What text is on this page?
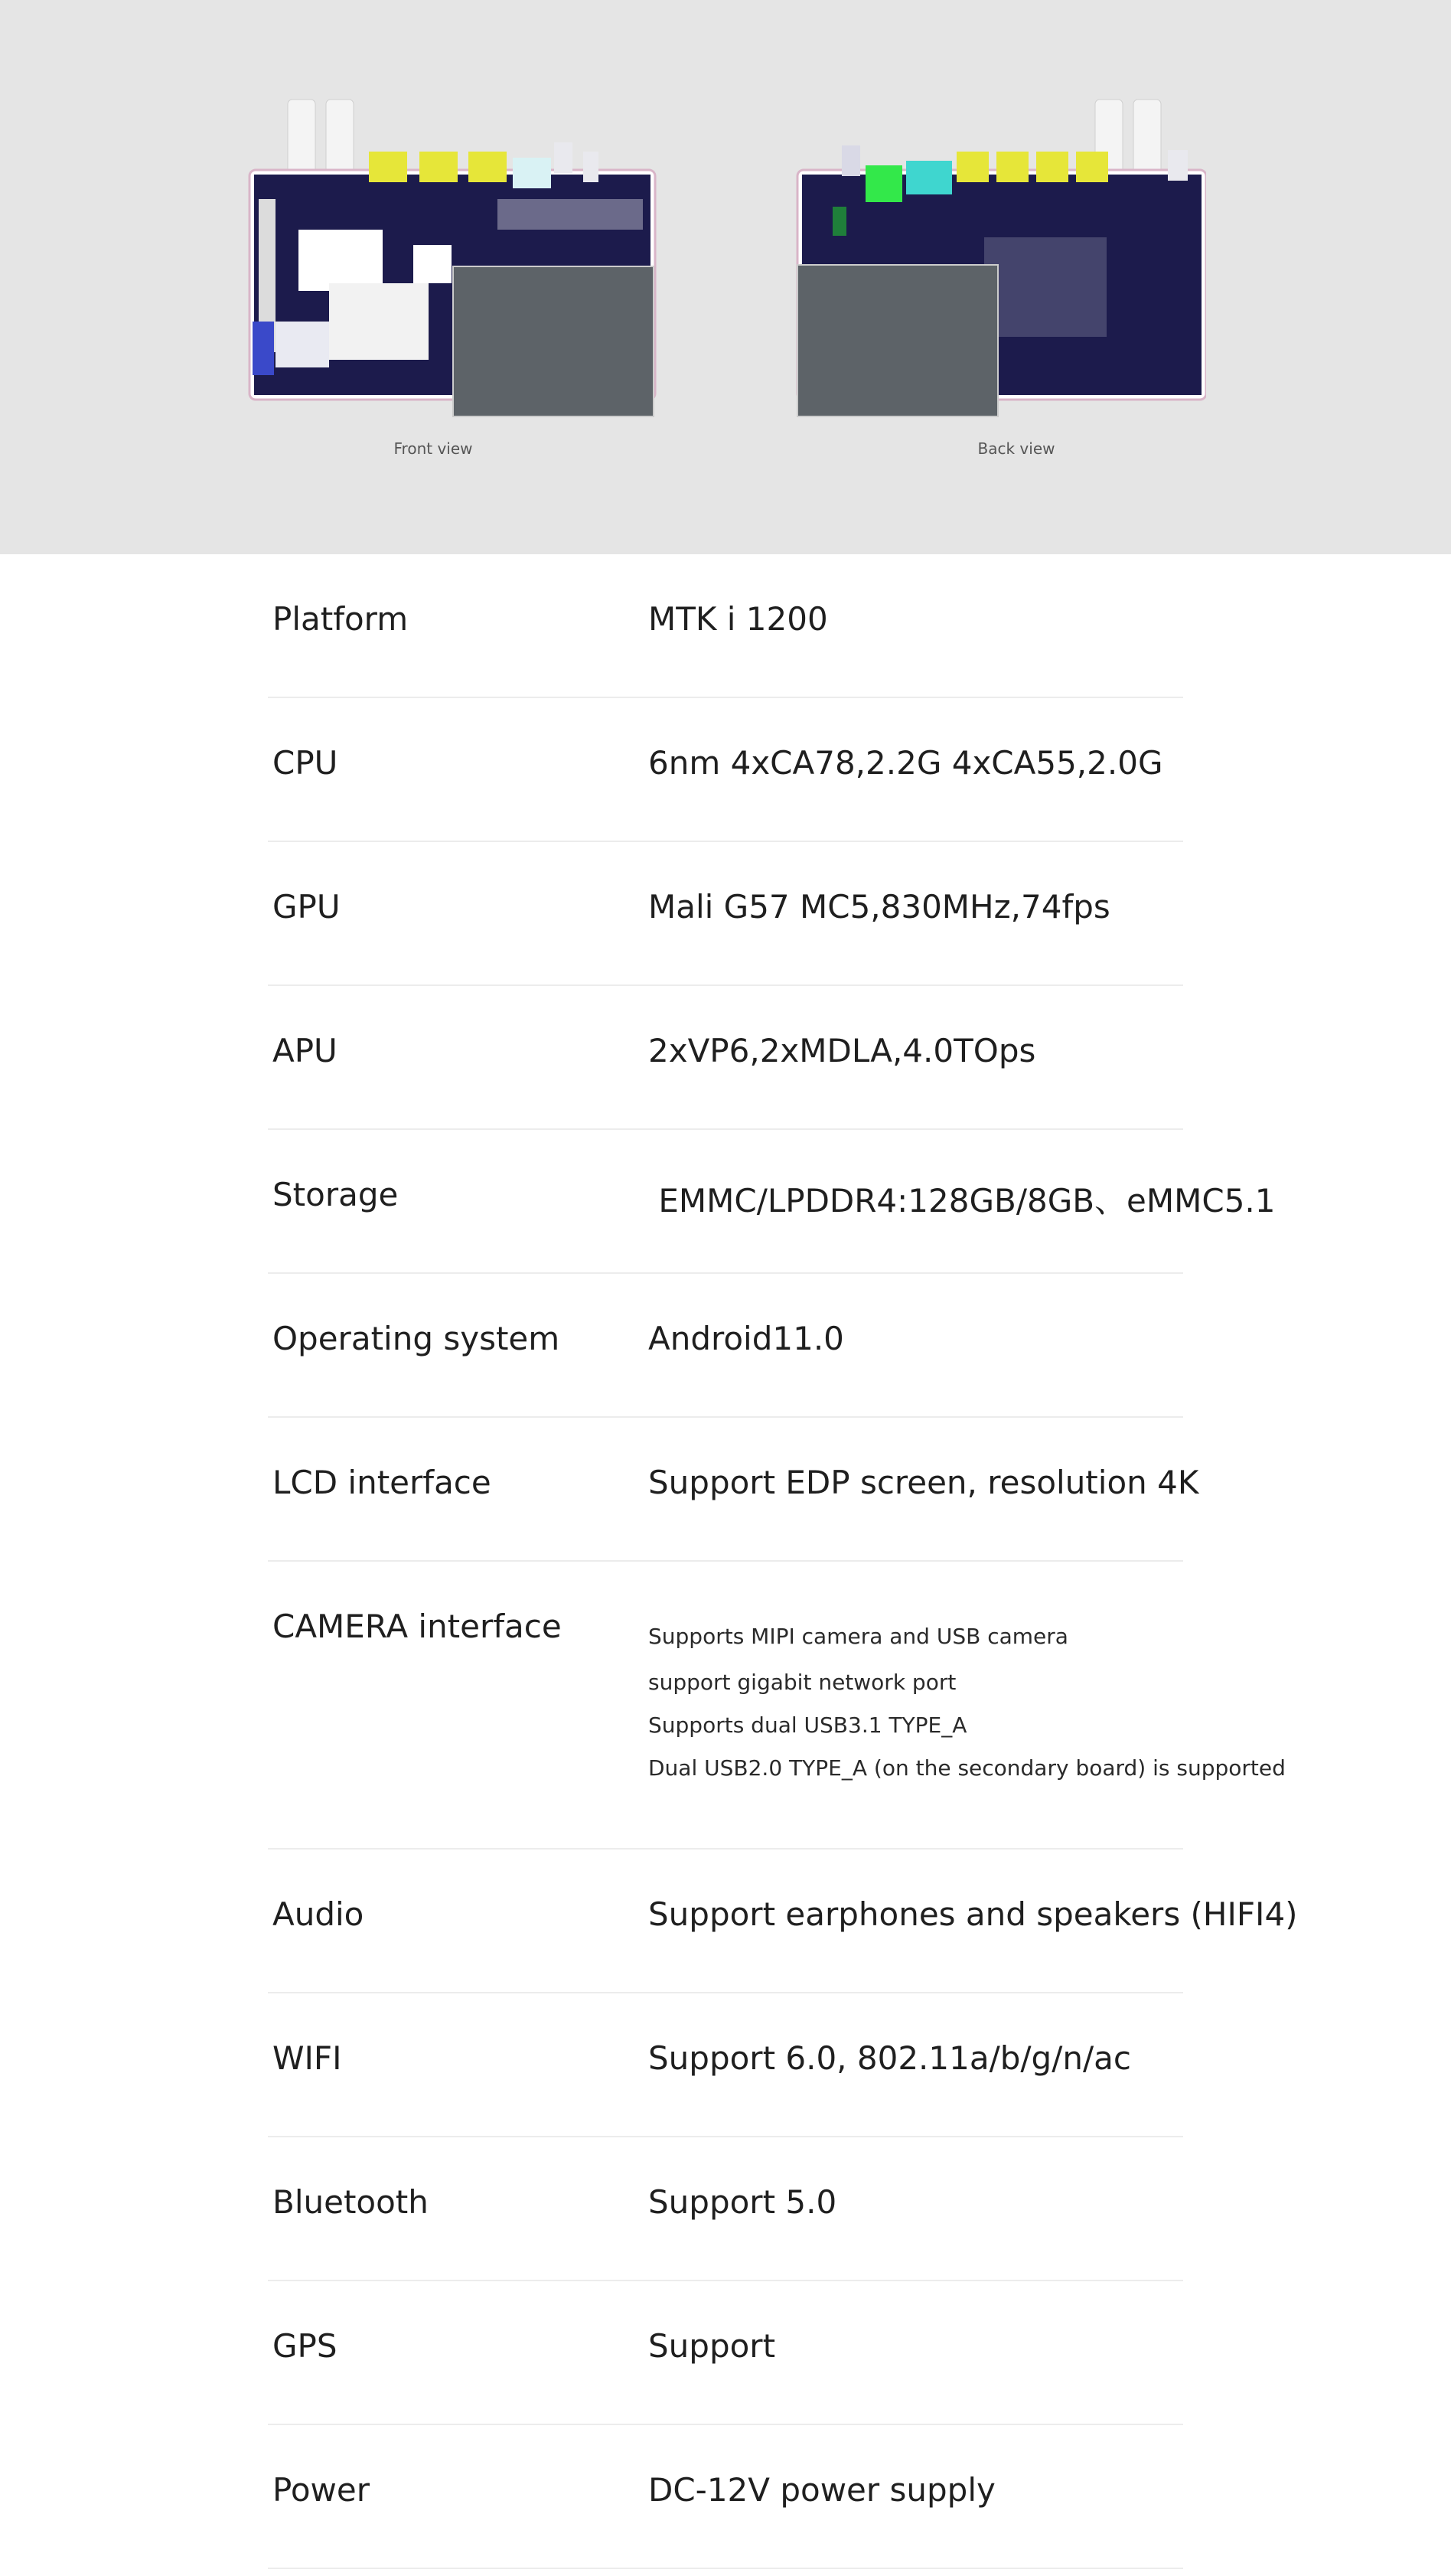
Front view	Back view
Platform	MTK i 1200
CPU	6nm 4xCA78,2.2G 4xCA55,2.0G
GPU	Mali G57 MC5,830MHz,74fps
APU	2xVP6,2xMDLA,4.0TOps
Storage	EMMC/LPDDR4:128GB/8GB、eMMC5.1
Operating system	Android11.0
LCD interface	Support EDP screen, resolution 4K
CAMERA interface	Supports MIPI camera and USB camera
support gigabit network port
Supports dual USB3.1 TYPE_A
Dual USB2.0 TYPE_A (on the secondary board) is supported
Audio	Support earphones and speakers (HIFI4)
WIFI	Support 6.0, 802.11a/b/g/n/ac
Bluetooth	Support 5.0
GPS	Support
Power	DC-12V power supply
